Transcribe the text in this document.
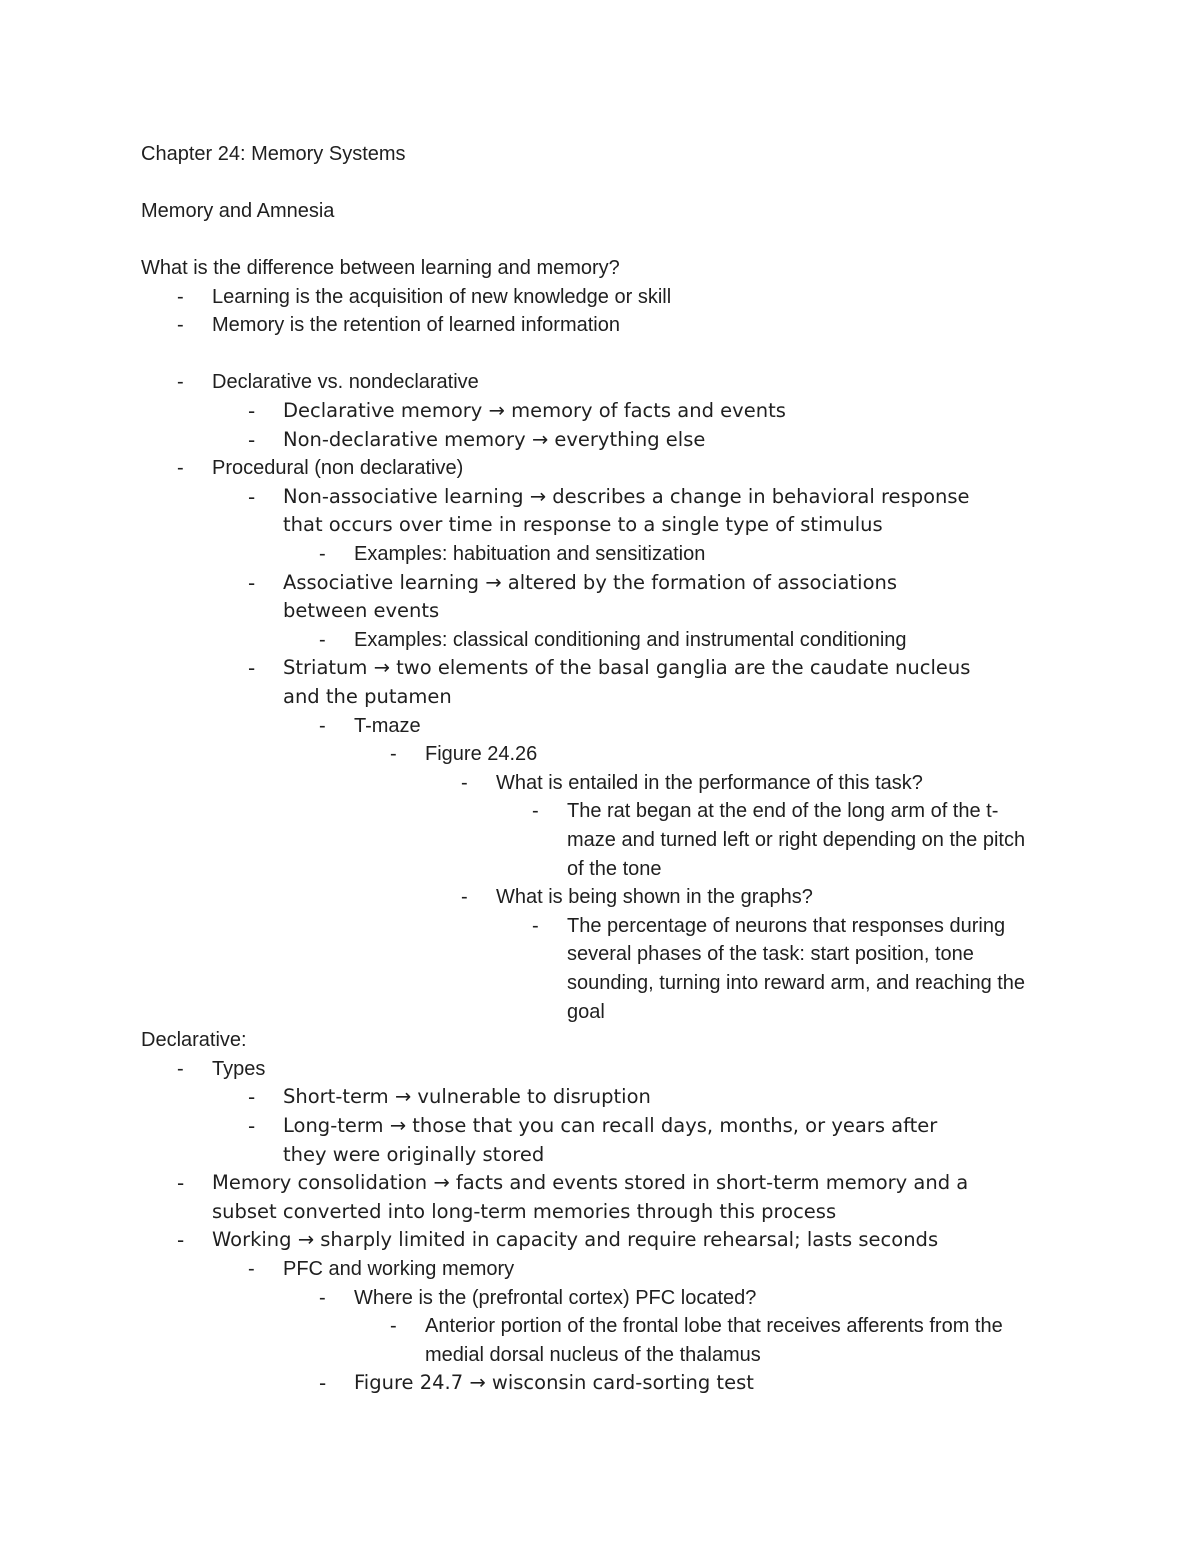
Chapter 24: Memory Systems
Memory and Amnesia
What is the difference between learning and memory?
- Learning is the acquisition of new knowledge or skill
- Memory is the retention of learned information
- Declarative vs. nondeclarative
- Declarative memory → memory of facts and events
- Non-declarative memory → everything else
- Procedural (non declarative)
- Non-associative learning → describes a change in behavioral response
that occurs over time in response to a single type of stimulus
- Examples: habituation and sensitization
- Associative learning → altered by the formation of associations
between events
- Examples: classical conditioning and instrumental conditioning
- Striatum → two elements of the basal ganglia are the caudate nucleus
and the putamen
- T-maze
- Figure 24.26
- What is entailed in the performance of this task?
- The rat began at the end of the long arm of the t-
maze and turned left or right depending on the pitch
of the tone
- What is being shown in the graphs?
- The percentage of neurons that responses during
several phases of the task: start position, tone
sounding, turning into reward arm, and reaching the
goal
Declarative:
- Types
- Short-term → vulnerable to disruption
- Long-term → those that you can recall days, months, or years after
they were originally stored
- Memory consolidation → facts and events stored in short-term memory and a
subset converted into long-term memories through this process
- Working → sharply limited in capacity and require rehearsal; lasts seconds
- PFC and working memory
- Where is the (prefrontal cortex) PFC located?
- Anterior portion of the frontal lobe that receives afferents from the
medial dorsal nucleus of the thalamus
- Figure 24.7 → wisconsin card-sorting test
